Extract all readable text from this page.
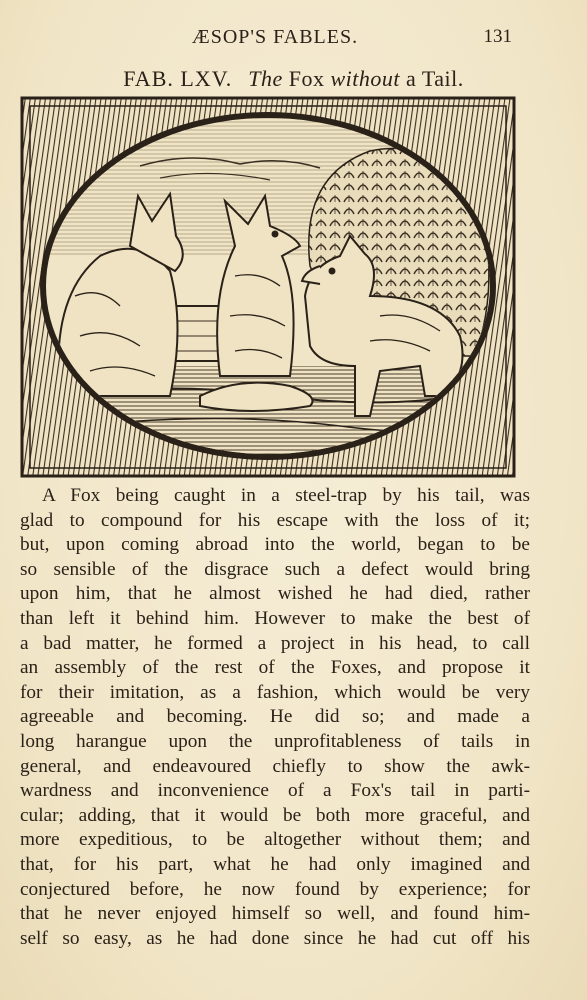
ÆSOP'S FABLES.	131
FAB. LXV. The Fox without a Tail.
A Fox being caught in a steel-trap by his tail, was
glad to compound for his escape with the loss of it;
but, upon coming abroad into the world, began to be
so sensible of the disgrace such a defect would bring
upon him, that he almost wished he had died, rather
than left it behind him. However to make the best of
a bad matter, he formed a project in his head, to call
an assembly of the rest of the Foxes, and propose it
for their imitation, as a fashion, which would be very
agreeable and becoming. He did so; and made a
long harangue upon the unprofitableness of tails in
general, and endeavoured chiefly to show the awk-
wardness and inconvenience of a Fox's tail in parti-
cular; adding, that it would be both more graceful, and
more expeditious, to be altogether without them; and
that, for his part, what he had only imagined and
conjectured before, he now found by experience; for
that he never enjoyed himself so well, and found him-
self so easy, as he had done since he had cut off his
